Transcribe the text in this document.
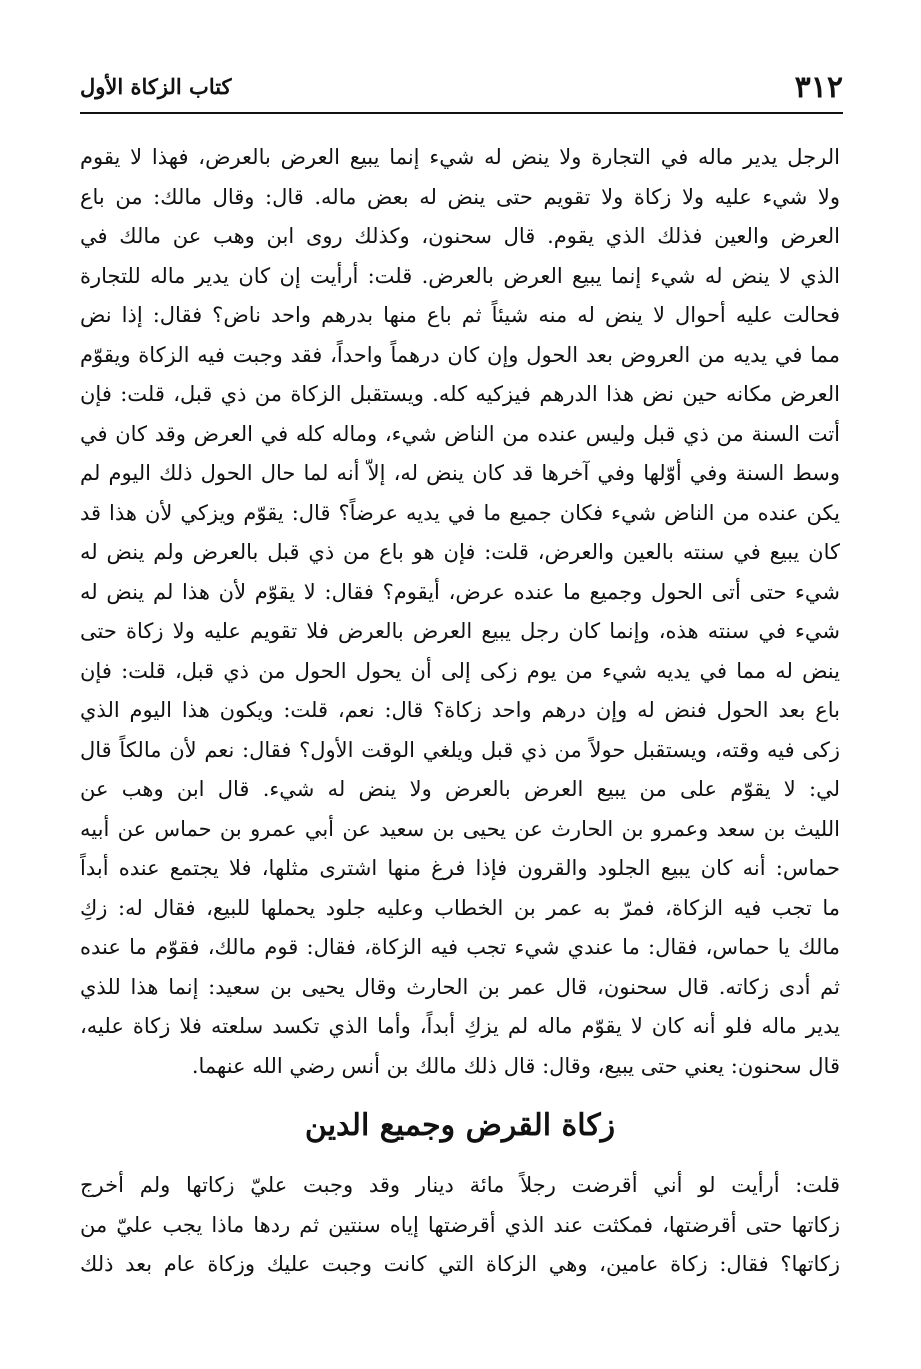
٣١٢
كتاب الزكاة الأول
الرجل يدير ماله في التجارة ولا ينض له شيء إنما يبيع العرض بالعرض، فهذا لا يقوم
ولا شيء عليه ولا زكاة ولا تقويم حتى ينض له بعض ماله. قال: وقال مالك: من باع
العرض والعين فذلك الذي يقوم. قال سحنون، وكذلك روى ابن وهب عن مالك في
الذي لا ينض له شيء إنما يبيع العرض بالعرض. قلت: أرأيت إن كان يدير ماله للتجارة
فحالت عليه أحوال لا ينض له منه شيئاً ثم باع منها بدرهم واحد ناض؟ فقال: إذا نض
مما في يديه من العروض بعد الحول وإن كان درهماً واحداً، فقد وجبت فيه الزكاة ويقوّم
العرض مكانه حين نض هذا الدرهم فيزكيه كله. ويستقبل الزكاة من ذي قبل، قلت: فإن
أتت السنة من ذي قبل وليس عنده من الناض شيء، وماله كله في العرض وقد كان في
وسط السنة وفي أوّلها وفي آخرها قد كان ينض له، إلاّ أنه لما حال الحول ذلك اليوم لم
يكن عنده من الناض شيء فكان جميع ما في يديه عرضاً؟ قال: يقوّم ويزكي لأن هذا قد
كان يبيع في سنته بالعين والعرض، قلت: فإن هو باع من ذي قبل بالعرض ولم ينض له
شيء حتى أتى الحول وجميع ما عنده عرض، أيقوم؟ فقال: لا يقوّم لأن هذا لم ينض له
شيء في سنته هذه، وإنما كان رجل يبيع العرض بالعرض فلا تقويم عليه ولا زكاة حتى
ينض له مما في يديه شيء من يوم زكى إلى أن يحول الحول من ذي قبل، قلت: فإن
باع بعد الحول فنض له وإن درهم واحد زكاة؟ قال: نعم، قلت: ويكون هذا اليوم الذي
زكى فيه وقته، ويستقبل حولاً من ذي قبل ويلغي الوقت الأول؟ فقال: نعم لأن مالكاً قال
لي: لا يقوّم على من يبيع العرض بالعرض ولا ينض له شيء. قال ابن وهب عن
الليث بن سعد وعمرو بن الحارث عن يحيى بن سعيد عن أبي عمرو بن حماس عن أبيه
حماس: أنه كان يبيع الجلود والقرون فإذا فرغ منها اشترى مثلها، فلا يجتمع عنده أبداً
ما تجب فيه الزكاة، فمرّ به عمر بن الخطاب وعليه جلود يحملها للبيع، فقال له: زكِ
مالك يا حماس، فقال: ما عندي شيء تجب فيه الزكاة، فقال: قوم مالك، فقوّم ما عنده
ثم أدى زكاته. قال سحنون، قال عمر بن الحارث وقال يحيى بن سعيد: إنما هذا للذي
يدير ماله فلو أنه كان لا يقوّم ماله لم يزكِ أبداً، وأما الذي تكسد سلعته فلا زكاة عليه،
قال سحنون: يعني حتى يبيع، وقال: قال ذلك مالك بن أنس رضي الله عنهما.
زكاة القرض وجميع الدين
قلت: أرأيت لو أني أقرضت رجلاً مائة دينار وقد وجبت عليّ زكاتها ولم أخرج
زكاتها حتى أقرضتها، فمكثت عند الذي أقرضتها إياه سنتين ثم ردها ماذا يجب عليّ من
زكاتها؟ فقال: زكاة عامين، وهي الزكاة التي كانت وجبت عليك وزكاة عام بعد ذلك
